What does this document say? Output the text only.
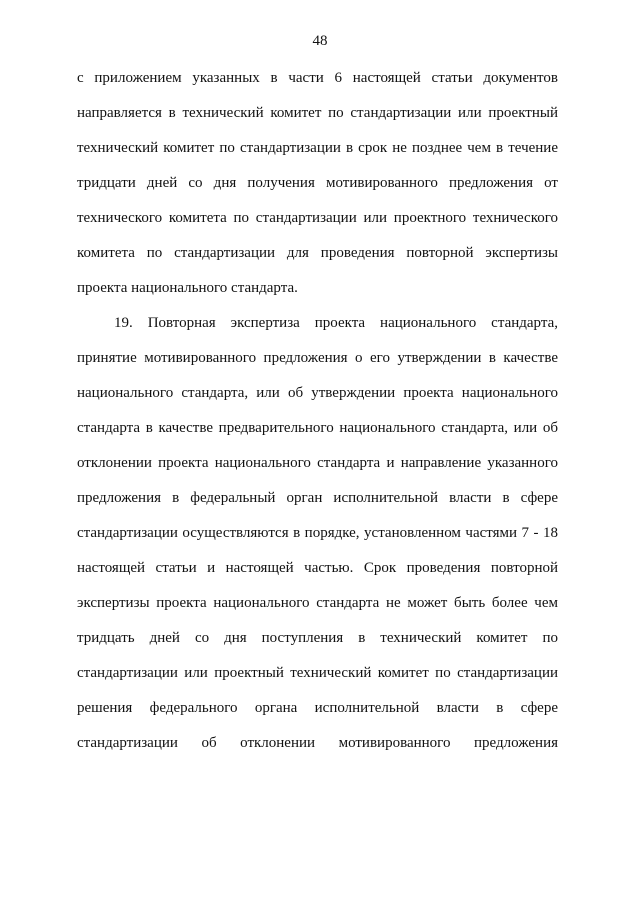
48
с приложением указанных в части 6 настоящей статьи документов
направляется в технический комитет по стандартизации или проектный
технический комитет по стандартизации в срок не позднее чем в течение
тридцати дней со дня получения мотивированного предложения от
технического комитета по стандартизации или проектного технического
комитета по стандартизации для проведения повторной экспертизы
проекта национального стандарта.
19. Повторная экспертиза проекта национального стандарта,
принятие мотивированного предложения о его утверждении в качестве
национального стандарта, или об утверждении проекта национального
стандарта в качестве предварительного национального стандарта, или об
отклонении проекта национального стандарта и направление указанного
предложения в федеральный орган исполнительной власти в сфере
стандартизации осуществляются в порядке, установленном частями 7 - 18
настоящей статьи и настоящей частью. Срок проведения повторной
экспертизы проекта национального стандарта не может быть более чем
тридцать дней со дня поступления в технический комитет по
стандартизации или проектный технический комитет по стандартизации
решения федерального органа исполнительной власти в сфере
стандартизации об отклонении мотивированного предложения
